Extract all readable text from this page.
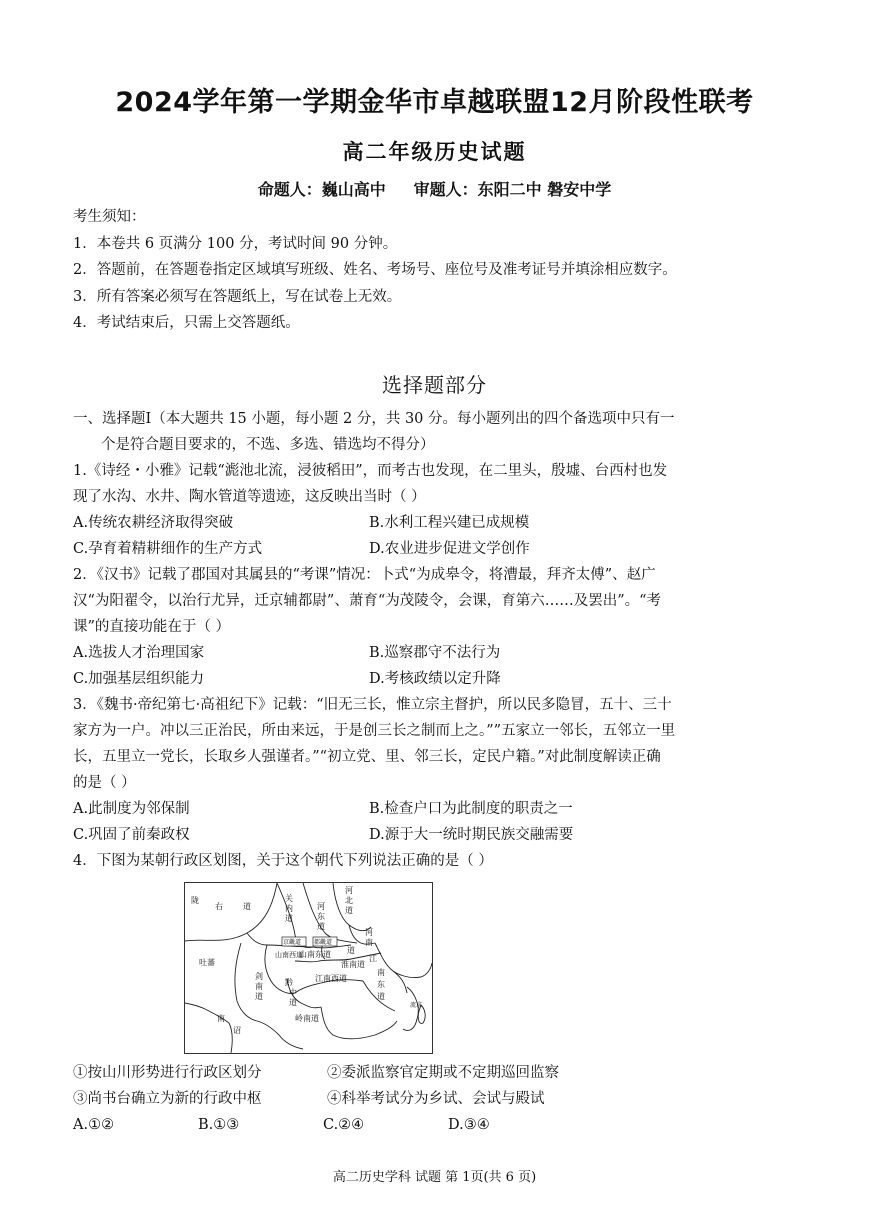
2024学年第一学期金华市卓越联盟12月阶段性联考
高二年级历史试题
命题人：巍山高中     审题人：东阳二中 磐安中学
考生须知：
1．本卷共 6 页满分 100 分，考试时间 90 分钟。
2．答题前，在答题卷指定区域填写班级、姓名、考场号、座位号及准考证号并填涂相应数字。
3．所有答案必须写在答题纸上，写在试卷上无效。
4．考试结束后，只需上交答题纸。
选择题部分

一、选择题Ⅰ（本大题共 15 小题，每小题 2 分，共 30 分。每小题列出的四个备选项中只有一

个是符合题目要求的，不选、多选、错选均不得分）

1.《诗经・小雅》记载“滮池北流，浸彼稻田”，而考古也发现，在二里头，殷墟、台西村也发

现了水沟、水井、陶水管道等遗迹，这反映出当时（ ）

A.传统农耕经济取得突破	B.水利工程兴建已成规模
C.孕育着精耕细作的生产方式	D.农业进步促进文学创作

2．《汉书》记载了郡国对其属县的“考课”情况：卜式“为成皋令，将漕最，拜齐太傅”、赵广

汉“为阳翟令，以治行尤异，迁京辅都尉”、萧育“为茂陵令，会课，育第六……及罢出”。“考

课”的直接功能在于（ ）

A.选拔人才治理国家	B.巡察郡守不法行为
C.加强基层组织能力	D.考核政绩以定升降

3．《魏书·帝纪第七·高祖纪下》记载：“旧无三长，惟立宗主督护，所以民多隐冒，五十、三十

家方为一户。冲以三正治民，所由来远，于是创三长之制而上之。””五家立一邻长，五邻立一里

长，五里立一党长，长取乡人强谨者。”“初立党、里、邻三长，定民户籍。”对此制度解读正确

的是（ ）

A.此制度为邻保制	B.检查户口为此制度的职责之一
C.巩固了前秦政权	D.源于大一统时期民族交融需要

4．下图为某朝行政区划图，关于这个朝代下列说法正确的是（ ）

陇
右	道
关
内
道
河
东
道
河
北
道
河
南
道
京畿道 都畿道
山南西道
山南东道
淮南道
吐蕃
剑
南
道
黔
中
道
江南西道
江
南
东
道
流求
南
诏
岭南道
①按山川形势进行行政区划分	②委派监察官定期或不定期巡回监察
③尚书台确立为新的行政中枢	④科举考试分为乡试、会试与殿试
A.①②	B.①③	C.②④	D.③④
高二历史学科 试题 第 1页(共 6 页)
